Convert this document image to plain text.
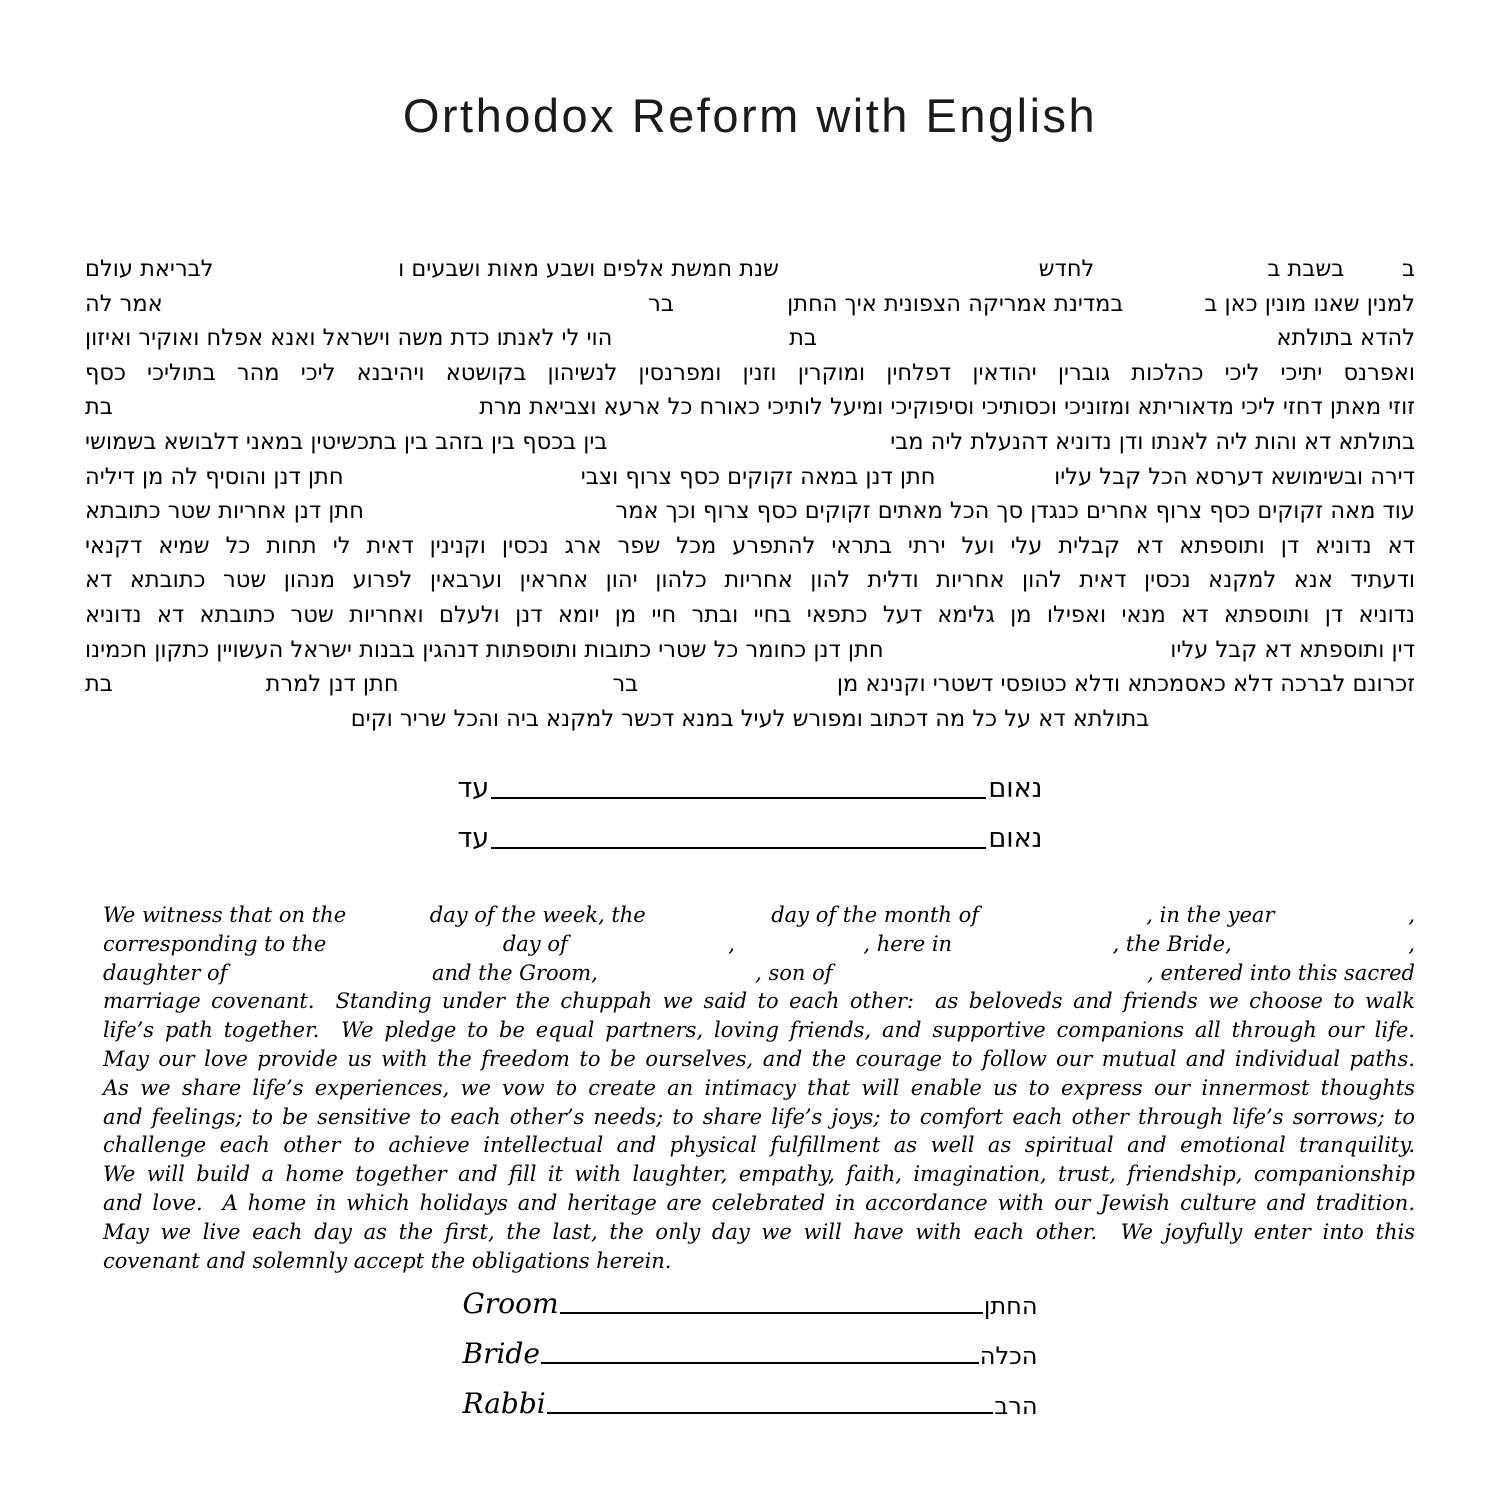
Orthodox Reform with English
ב
בשבת ב
לחדש
שנת חמשת אלפים ושבע מאות ושבעים ו
לבריאת עולם
למנין שאנו מונין כאן ב
במדינת אמריקה הצפונית איך החתן
בר
אמר לה
להדא בתולתא
בת
הוי לי לאנתו כדת משה וישראל ואנא אפלח ואוקיר ואיזון
ואפרנס יתיכי ליכי כהלכות גוברין יהודאין דפלחין ומוקרין וזנין ומפרנסין לנשיהון בקושטא ויהיבנא ליכי מהר בתוליכי כסף
זוזי מאתן דחזי ליכי מדאוריתא ומזוניכי וכסותיכי וסיפוקיכי ומיעל לותיכי כאורח כל ארעא וצביאת מרת
בת
בתולתא דא והות ליה לאנתו ודן נדוניא דהנעלת ליה מבי
בין בכסף בין בזהב בין בתכשיטין במאני דלבושא בשמושי
דירה ובשימושא דערסא הכל קבל עליו
חתן דנן במאה זקוקים כסף צרוף וצבי
חתן דנן והוסיף לה מן דיליה
עוד מאה זקוקים כסף צרוף אחרים כנגדן סך הכל מאתים זקוקים כסף צרוף וכך אמר
חתן דנן אחריות שטר כתובתא
דא נדוניא דן ותוספתא דא קבלית עלי ועל ירתי בתראי להתפרע מכל שפר ארג נכסין וקנינין דאית לי תחות כל שמיא דקנאי
ודעתיד אנא למקנא נכסין דאית להון אחריות ודלית להון אחריות כלהון יהון אחראין וערבאין לפרוע מנהון שטר כתובתא דא
נדוניא דן ותוספתא דא מנאי ואפילו מן גלימא דעל כתפאי בחיי ובתר חיי מן יומא דנן ולעלם ואחריות שטר כתובתא דא נדוניא
דין ותוספתא דא קבל עליו
חתן דנן כחומר כל שטרי כתובות ותוספתות דנהגין בבנות ישראל העשויין כתקון חכמינו
זכרונם לברכה דלא כאסמכתא ודלא כטופסי דשטרי וקנינא מן
בר
חתן דנן למרת
בת
בתולתא דא על כל מה דכתוב ומפורש לעיל במנא דכשר למקנא ביה והכל שריר וקים
נאום
עד
נאום
עד
We witness that on the	day of the week, the	day of the month of	, in the year	,
corresponding to the	day of	,	, here in	, the Bride,	,
daughter of	and the Groom,	, son of	, entered into this sacred
marriage covenant.  Standing under the chuppah we said to each other:  as beloveds and friends we choose to walk
life’s path together.  We pledge to be equal partners, loving friends, and supportive companions all through our life.
May our love provide us with the freedom to be ourselves, and the courage to follow our mutual and individual paths.
As we share life’s experiences, we vow to create an intimacy that will enable us to express our innermost thoughts
and feelings; to be sensitive to each other’s needs; to share life’s joys; to comfort each other through life’s sorrows; to
challenge each other to achieve intellectual and physical fulfillment as well as spiritual and emotional tranquility.
We will build a home together and fill it with laughter, empathy, faith, imagination, trust, friendship, companionship
and love.  A home in which holidays and heritage are celebrated in accordance with our Jewish culture and tradition.
May we live each day as the first, the last, the only day we will have with each other.  We joyfully enter into this
covenant and solemnly accept the obligations herein.
Groom	החתן
Bride	הכלה
Rabbi	הרב
